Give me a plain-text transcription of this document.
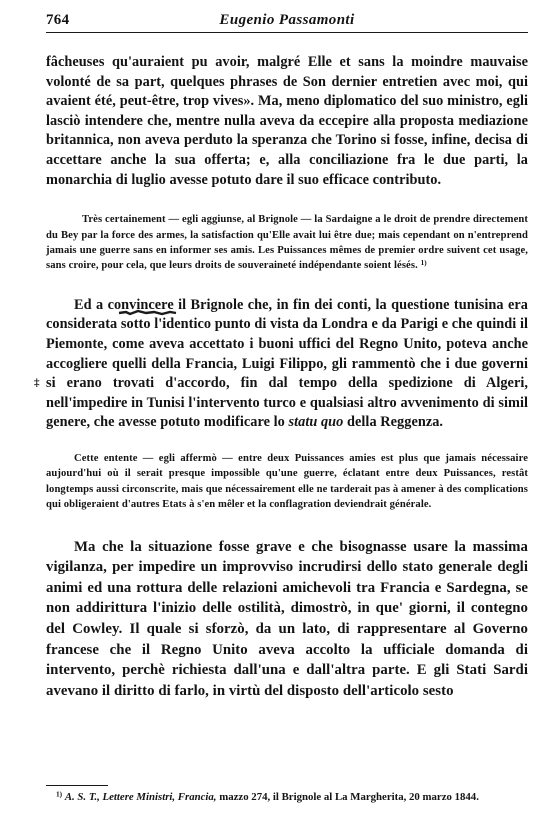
764	Eugenio Passamonti

fâcheuses qu'auraient pu avoir, malgré Elle et sans la moindre mauvaise volonté de sa part, quelques phrases de Son dernier entretien avec moi, qui avaient été, peut-être, trop vives». Ma, meno diplomatico del suo ministro, egli lasciò intendere che, mentre nulla aveva da eccepire alla proposta mediazione britannica, non aveva perduto la speranza che Torino si fosse, infine, decisa di accettare anche la sua offerta; e, alla conciliazione fra le due parti, la monarchia di luglio avesse potuto dare il suo efficace contributo.

Très certainement — egli aggiunse, al Brignole — la Sardaigne a le droit de prendre directement du Bey par la force des armes, la satisfaction qu'Elle avait lui être due; mais cependant on n'entreprend jamais une guerre sans en informer ses amis. Les Puissances mêmes de premier ordre suivent cet usage, sans croire, pour cela, que leurs droits de souveraineté indépendante soient lésés. $^{1)}$

Ed a convincere il Brignole che, in fin dei conti, la questione tunisina era considerata sotto l'identico punto di vista da Londra e da Parigi e che quindi il Piemonte, come aveva accettato i buoni uffici del Regno Unito, poteva anche accogliere quelli della Francia, Luigi Filippo, gli rammentò che i due governi si erano trovati d'accordo, fin dal tempo della spedizione di Algeri, nell'impedire in Tunisi l'intervento turco e qualsiasi altro avvenimento di simil genere, che avesse potuto modificare lo statu quo della Reggenza.

Cette entente — egli affermò — entre deux Puissances amies est plus que jamais nécessaire aujourd'hui où il serait presque impossible qu'une guerre, éclatant entre deux Puissances, restât longtemps aussi circonscrite, mais que nécessairement elle ne tarderait pas à amener à des complications qui obligeraient d'autres Etats à s'en mêler et la conflagration deviendrait générale.

Ma che la situazione fosse grave e che bisognasse usare la massima vigilanza, per impedire un improvviso incrudirsi dello stato generale degli animi ed una rottura delle relazioni amichevoli tra Francia e Sardegna, se non addirittura l'inizio delle ostilità, dimostrò, in que' giorni, il contegno del Cowley. Il quale si sforzò, da un lato, di rappresentare al Governo francese che il Regno Unito aveva accolto la ufficiale domanda di intervento, perchè richiesta dall'una e dall'altra parte. E gli Stati Sardi avevano il diritto di farlo, in virtù del disposto dell'articolo sesto

‡
$^{1)}$ A. S. T., Lettere Ministri, Francia, mazzo 274, il Brignole al La Margherita, 20 marzo 1844.
